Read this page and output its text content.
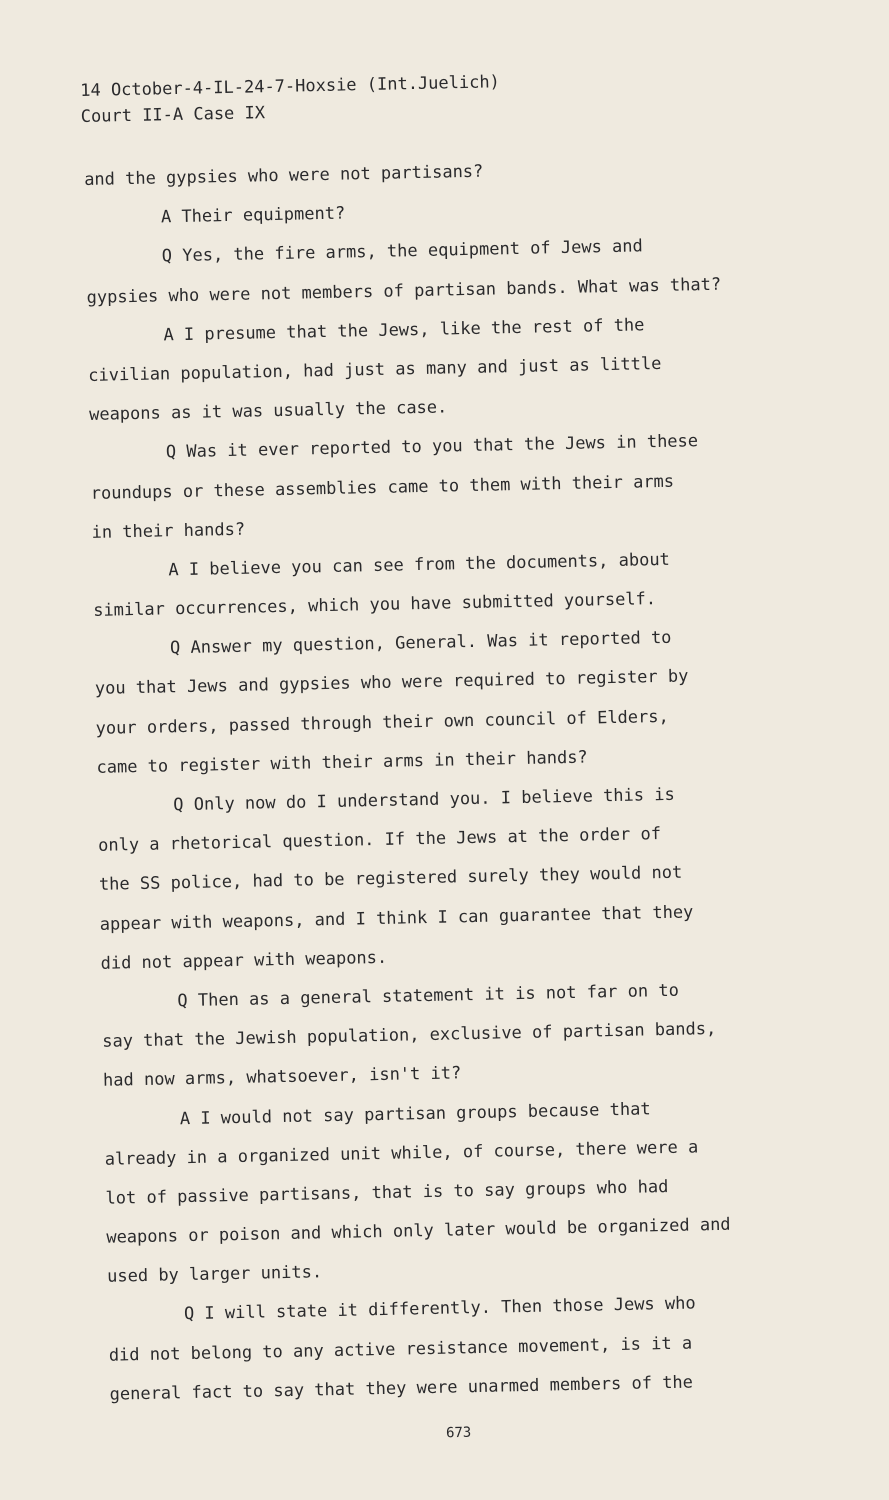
14 October-4-IL-24-7-Hoxsie (Int.Juelich)
Court II-A Case IX
and the gypsies who were not partisans?
A Their equipment?
Q Yes, the fire arms, the equipment of Jews and
gypsies who were not members of partisan bands. What was that?
A I presume that the Jews, like the rest of the
civilian population, had just as many and just as little
weapons as it was usually the case.
Q Was it ever reported to you that the Jews in these
roundups or these assemblies came to them with their arms
in their hands?
A I believe you can see from the documents, about
similar occurrences, which you have submitted yourself.
Q Answer my question, General. Was it reported to
you that Jews and gypsies who were required to register by
your orders, passed through their own council of Elders,
came to register with their arms in their hands?
Q Only now do I understand you. I believe this is
only a rhetorical question. If the Jews at the order of
the SS police, had to be registered surely they would not
appear with weapons, and I think I can guarantee that they
did not appear with weapons.
Q Then as a general statement it is not far on to
say that the Jewish population, exclusive of partisan bands,
had now arms, whatsoever, isn't it?
A I would not say partisan groups because that
already in a organized unit while, of course, there were a
lot of passive partisans, that is to say groups who had
weapons or poison and which only later would be organized and
used by larger units.
Q I will state it differently. Then those Jews who
did not belong to any active resistance movement, is it a
general fact to say that they were unarmed members of the
673
